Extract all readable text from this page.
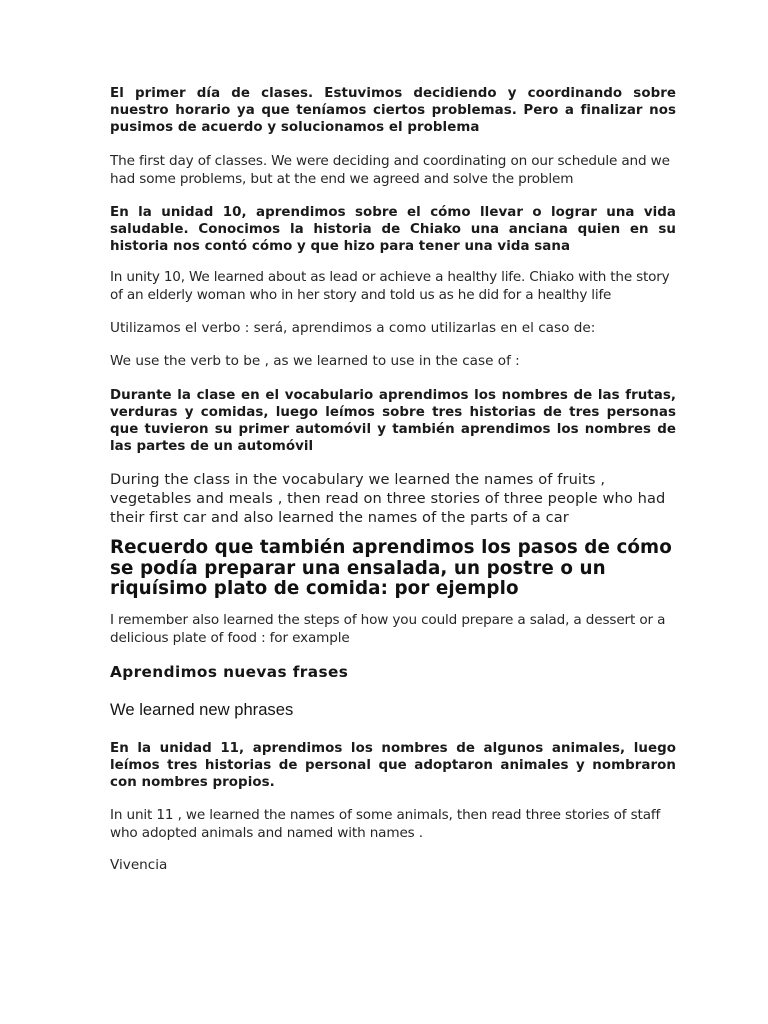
El primer día de clases. Estuvimos decidiendo y coordinando sobre nuestro horario ya que teníamos ciertos problemas. Pero a finalizar nos pusimos de acuerdo y solucionamos el problema

The first day of classes. We were deciding and coordinating on our schedule and we had some problems, but at the end we agreed and solve the problem

En la unidad 10, aprendimos sobre el cómo llevar o lograr una vida saludable. Conocimos la historia de Chiako una anciana quien en su historia nos contó cómo y que hizo para tener una vida sana

In unity 10, We learned about as lead or achieve a healthy life. Chiako with the story of an elderly woman who in her story and told us as he did for a healthy life

Utilizamos el verbo : será, aprendimos a como utilizarlas en el caso de:

We use the verb to be , as we learned to use in the case of :

Durante la clase en el vocabulario aprendimos los nombres de las frutas, verduras y comidas, luego leímos sobre tres historias de tres personas que tuvieron su primer automóvil y también aprendimos los nombres de las partes de un automóvil

During the class in the vocabulary we learned the names of fruits , vegetables and meals , then read on three stories of three people who had their first car and also learned the names of the parts of a car

Recuerdo que también aprendimos los pasos de cómo se podía preparar una ensalada, un postre o un riquísimo plato de comida: por ejemplo

I remember also learned the steps of how you could prepare a salad, a dessert or a delicious plate of food : for example

Aprendimos nuevas frases

We learned new phrases

En la unidad 11, aprendimos los nombres de algunos animales, luego leímos tres historias de personal que adoptaron animales y nombraron con nombres propios.

In unit 11 , we learned the names of some animals, then read three stories of staff who adopted animals and named with names .

Vivencia
